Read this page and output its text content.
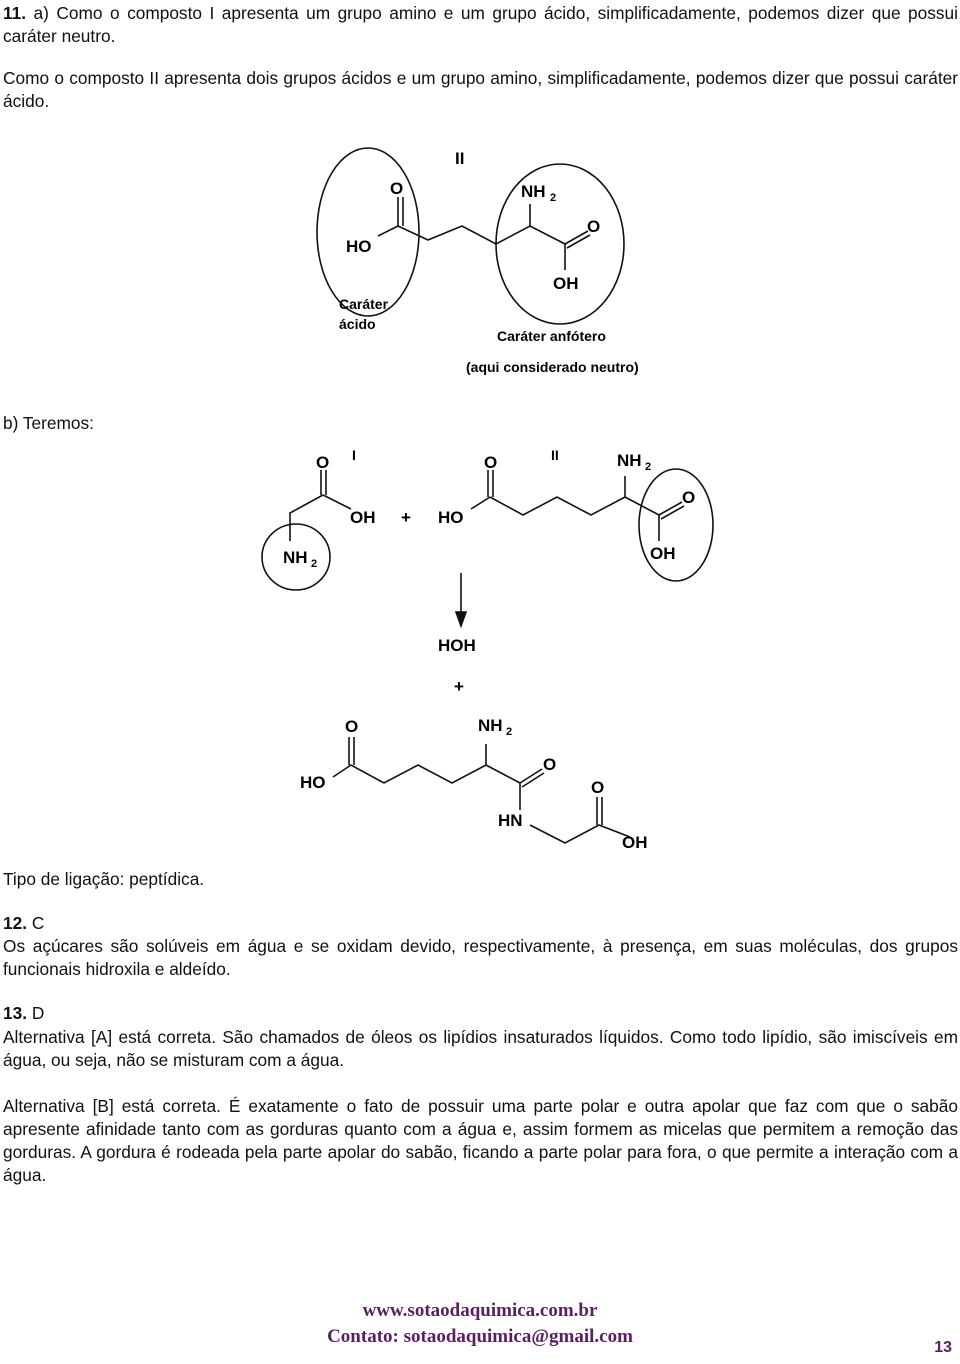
11. a) Como o composto I apresenta um grupo amino e um grupo ácido, simplificadamente, podemos dizer que possui caráter neutro.
Como o composto II apresenta dois grupos ácidos e um grupo amino, simplificadamente, podemos dizer que possui caráter ácido.
II
O
HO
NH 2
O
OH
Caráter
ácido
Caráter anfótero
(aqui considerado neutro)
b) Teremos:
O I
OH
NH 2
+
O	II
HO
NH 2
O
OH
HOH
+
O
HO
NH 2
O
HN
O
OH
Tipo de ligação: peptídica.
12. C
Os açúcares são solúveis em água e se oxidam devido, respectivamente, à presença, em suas moléculas, dos grupos funcionais hidroxila e aldeído.
13. D
Alternativa [A] está correta. São chamados de óleos os lipídios insaturados líquidos. Como todo lipídio, são imiscíveis em água, ou seja, não se misturam com a água.
Alternativa [B] está correta. É exatamente o fato de possuir uma parte polar e outra apolar que faz com que o sabão apresente afinidade tanto com as gorduras quanto com a água e, assim formem as micelas que permitem a remoção das gorduras. A gordura é rodeada pela parte apolar do sabão, ficando a parte polar para fora, o que permite a interação com a água.
www.sotaodaquimica.com.br
Contato: sotaodaquimica@gmail.com
13
